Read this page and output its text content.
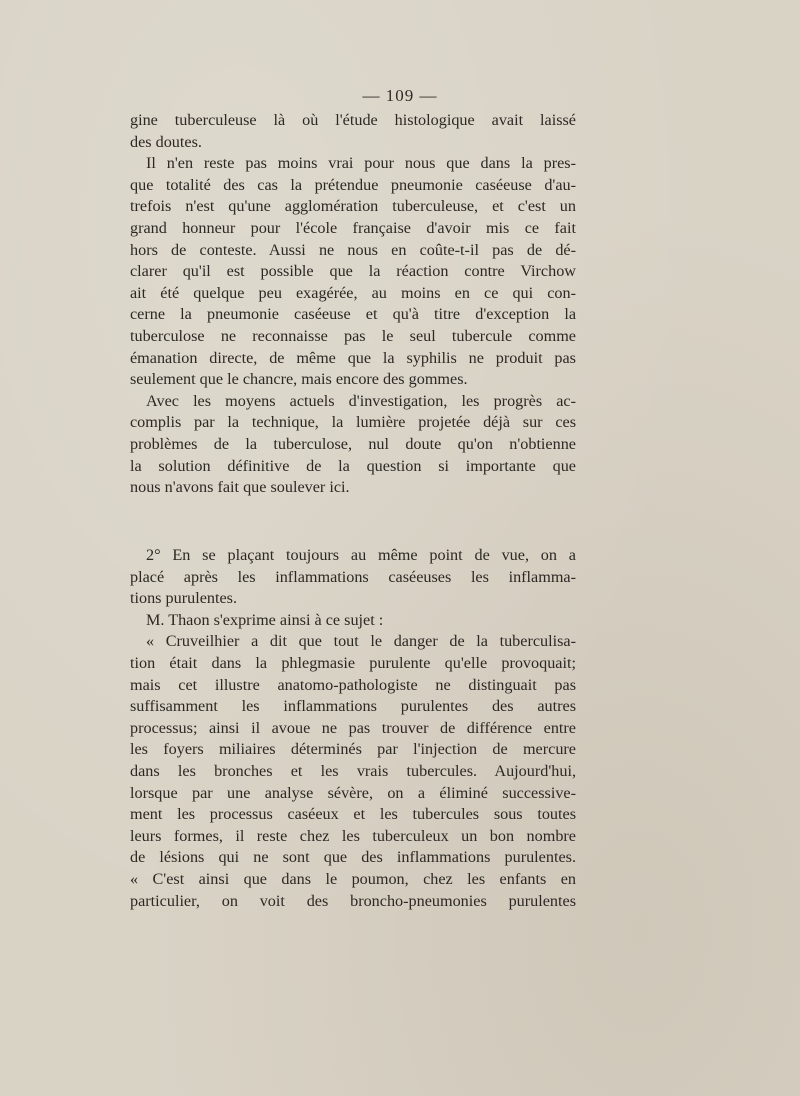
— 109 —
gine tuberculeuse là où l'étude histologique avait laissé
des doutes.
Il n'en reste pas moins vrai pour nous que dans la pres-
que totalité des cas la prétendue pneumonie caséeuse d'au-
trefois n'est qu'une agglomération tuberculeuse, et c'est un
grand honneur pour l'école française d'avoir mis ce fait
hors de conteste. Aussi ne nous en coûte-t-il pas de dé-
clarer qu'il est possible que la réaction contre Virchow
ait été quelque peu exagérée, au moins en ce qui con-
cerne la pneumonie caséeuse et qu'à titre d'exception la
tuberculose ne reconnaisse pas le seul tubercule comme
émanation directe, de même que la syphilis ne produit pas
seulement que le chancre, mais encore des gommes.
Avec les moyens actuels d'investigation, les progrès ac-
complis par la technique, la lumière projetée déjà sur ces
problèmes de la tuberculose, nul doute qu'on n'obtienne
la solution définitive de la question si importante que
nous n'avons fait que soulever ici.
2° En se plaçant toujours au même point de vue, on a
placé après les inflammations caséeuses les inflamma-
tions purulentes.
M. Thaon s'exprime ainsi à ce sujet :
« Cruveilhier a dit que tout le danger de la tuberculisa-
tion était dans la phlegmasie purulente qu'elle provoquait;
mais cet illustre anatomo-pathologiste ne distinguait pas
suffisamment les inflammations purulentes des autres
processus; ainsi il avoue ne pas trouver de différence entre
les foyers miliaires déterminés par l'injection de mercure
dans les bronches et les vrais tubercules. Aujourd'hui,
lorsque par une analyse sévère, on a éliminé successive-
ment les processus caséeux et les tubercules sous toutes
leurs formes, il reste chez les tuberculeux un bon nombre
de lésions qui ne sont que des inflammations purulentes.
« C'est ainsi que dans le poumon, chez les enfants en
particulier, on voit des broncho-pneumonies purulentes
